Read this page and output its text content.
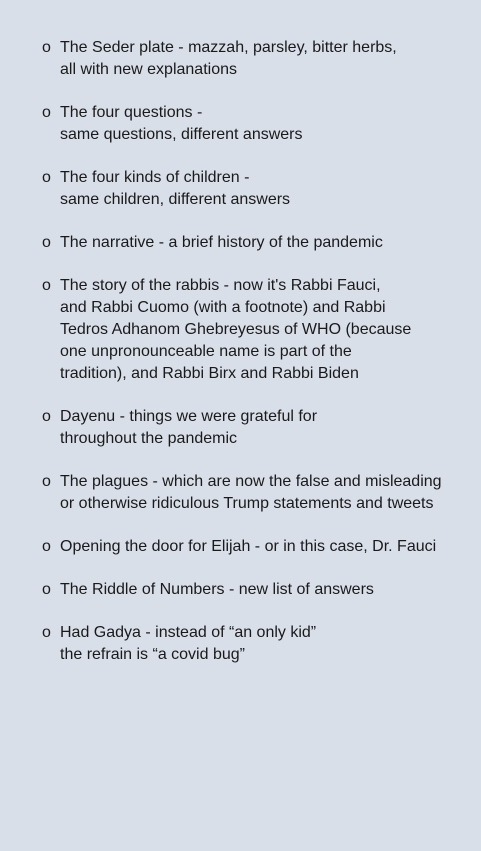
o The Seder plate - mazzah, parsley, bitter herbs,
all with new explanations
o The four questions -
same questions, different answers
o The four kinds of children -
same children, different answers
o The narrative - a brief history of the pandemic
o The story of the rabbis - now it's Rabbi Fauci,
and Rabbi Cuomo (with a footnote) and Rabbi
Tedros Adhanom Ghebreyesus of WHO (because
one unpronounceable name is part of the
tradition), and Rabbi Birx and Rabbi Biden
o Dayenu - things we were grateful for
throughout the pandemic
o The plagues - which are now the false and misleading
or otherwise ridiculous Trump statements and tweets
o Opening the door for Elijah - or in this case, Dr. Fauci
o The Riddle of Numbers - new list of answers
o Had Gadya - instead of “an only kid”
the refrain is “a covid bug”
